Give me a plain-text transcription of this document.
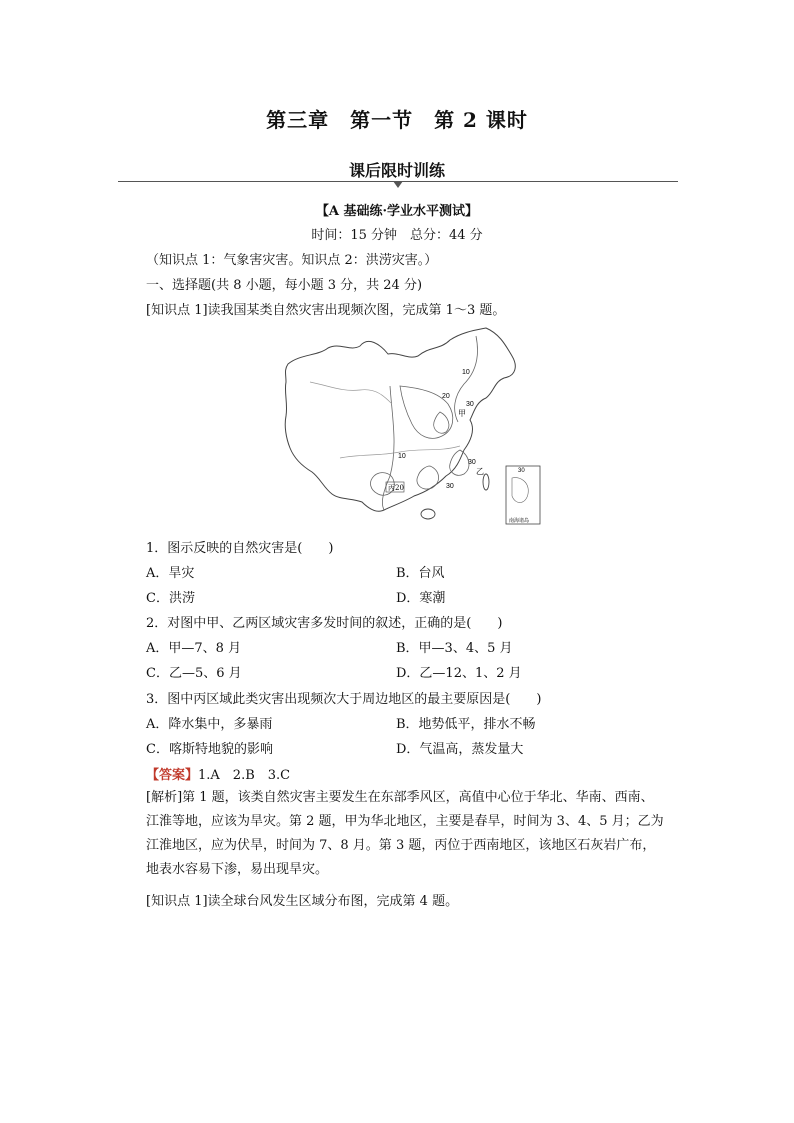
第三章　第一节　第 2 课时
课后限时训练
【A 基础练·学业水平测试】
时间：15 分钟　总分：44 分
（知识点 1：气象害灾害。知识点 2：洪涝灾害。）
一、选择题(共 8 小题，每小题 3 分，共 24 分)
[知识点 1]读我国某类自然灾害出现频次图，完成第 1～3 题。
10
20
30
甲
10
30
乙
丙20	30
30
南海诸岛
1．图示反映的自然灾害是(　　)
A．旱灾	B．台风
C．洪涝	D．寒潮
2．对图中甲、乙两区域灾害多发时间的叙述，正确的是(　　)
A．甲—7、8 月	B．甲—3、4、5 月
C．乙—5、6 月	D．乙—12、1、2 月
3．图中丙区域此类灾害出现频次大于周边地区的最主要原因是(　　)
A．降水集中，多暴雨	B．地势低平，排水不畅
C．喀斯特地貌的影响	D．气温高，蒸发量大
【答案】1.A　2.B　3.C
[解析]第 1 题，该类自然灾害主要发生在东部季风区，高值中心位于华北、华南、西南、江淮等地，应该为旱灾。第 2 题，甲为华北地区，主要是春旱，时间为 3、4、5 月；乙为江淮地区，应为伏旱，时间为 7、8 月。第 3 题，丙位于西南地区，该地区石灰岩广布，地表水容易下渗，易出现旱灾。
[知识点 1]读全球台风发生区域分布图，完成第 4 题。
